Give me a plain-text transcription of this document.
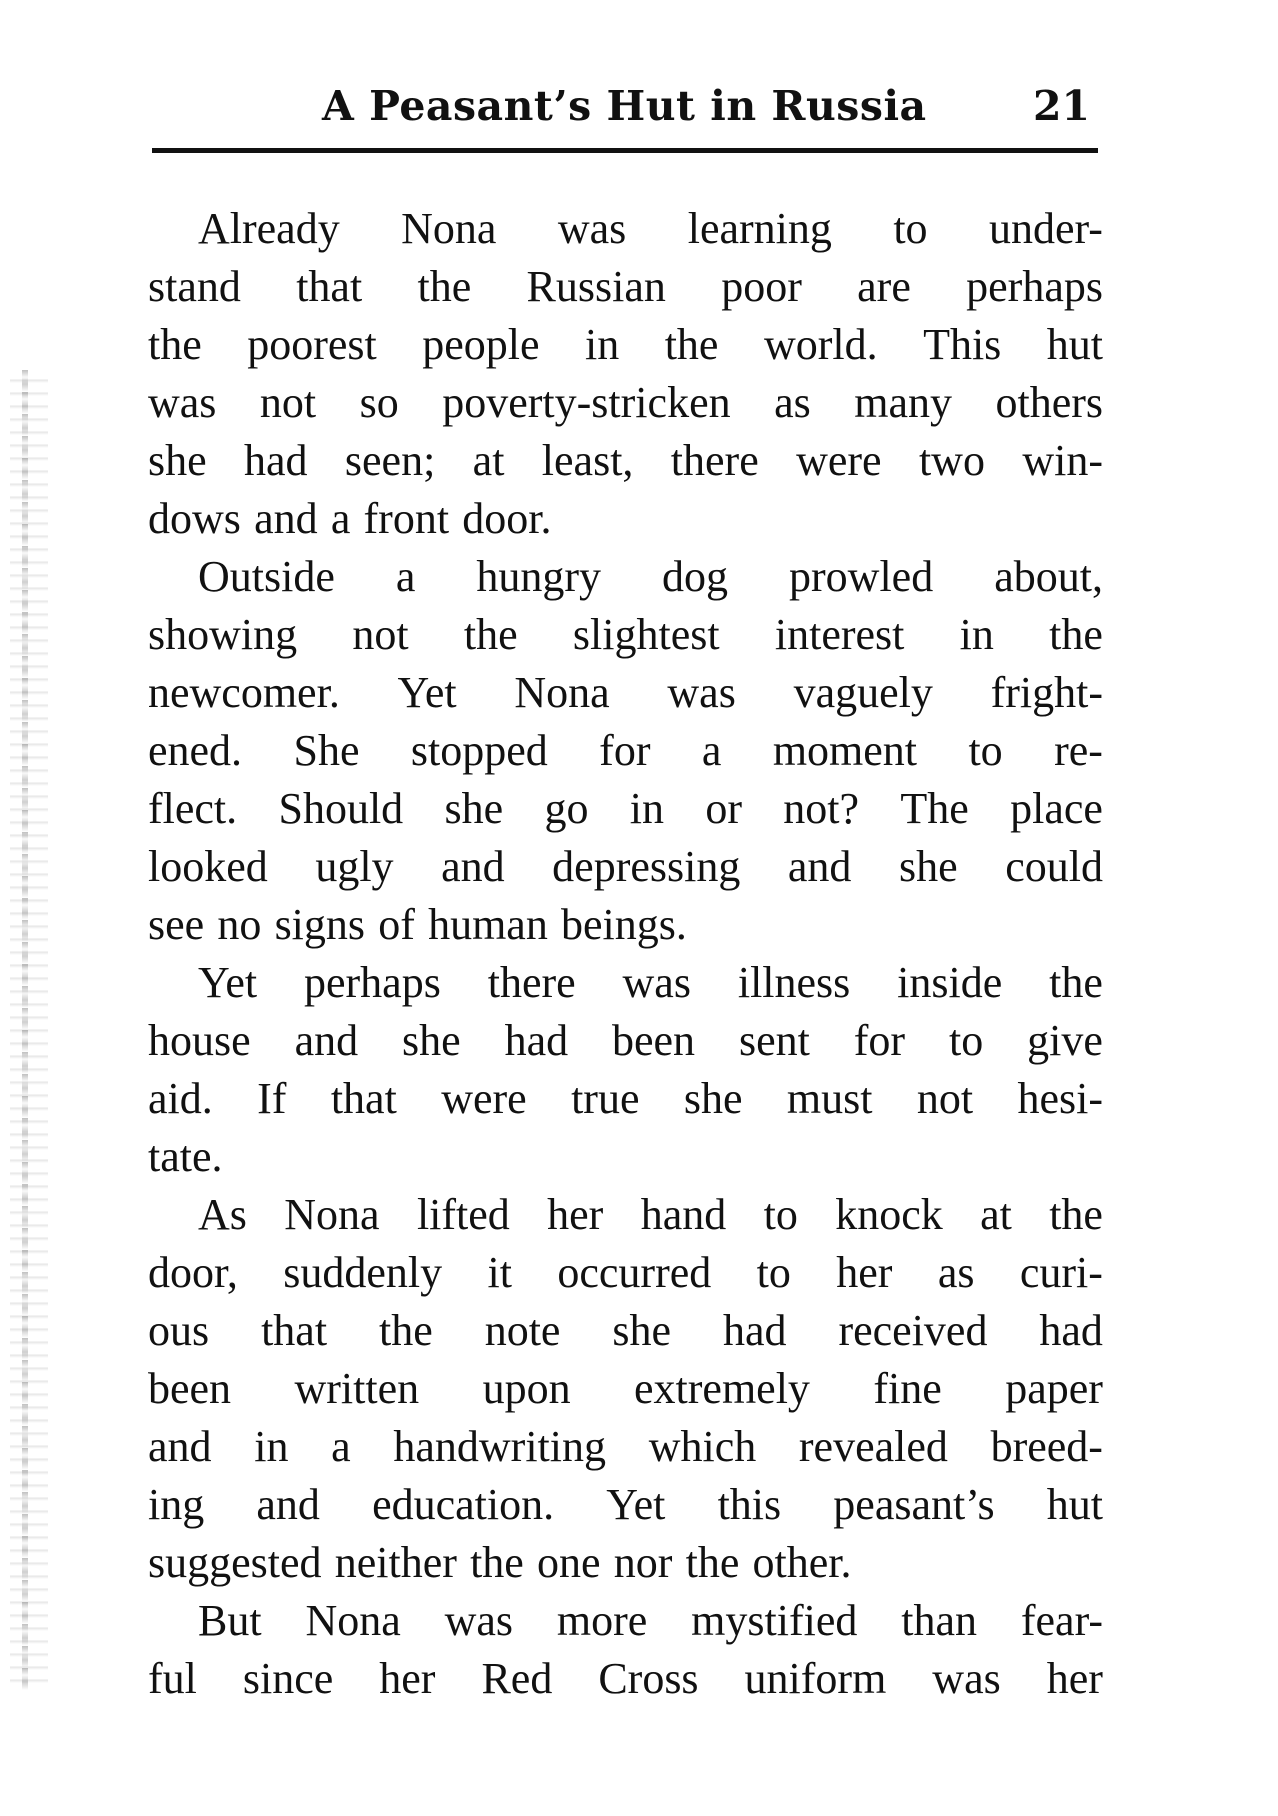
A Peasant’s Hut in Russia	21
Already Nona was learning to under-
stand that the Russian poor are perhaps
the poorest people in the world. This hut
was not so poverty-stricken as many others
she had seen; at least, there were two win-
dows and a front door.
Outside a hungry dog prowled about,
showing not the slightest interest in the
newcomer. Yet Nona was vaguely fright-
ened. She stopped for a moment to re-
flect. Should she go in or not? The place
looked ugly and depressing and she could
see no signs of human beings.
Yet perhaps there was illness inside the
house and she had been sent for to give
aid. If that were true she must not hesi-
tate.
As Nona lifted her hand to knock at the
door, suddenly it occurred to her as curi-
ous that the note she had received had
been written upon extremely fine paper
and in a handwriting which revealed breed-
ing and education. Yet this peasant’s hut
suggested neither the one nor the other.
But Nona was more mystified than fear-
ful since her Red Cross uniform was her
